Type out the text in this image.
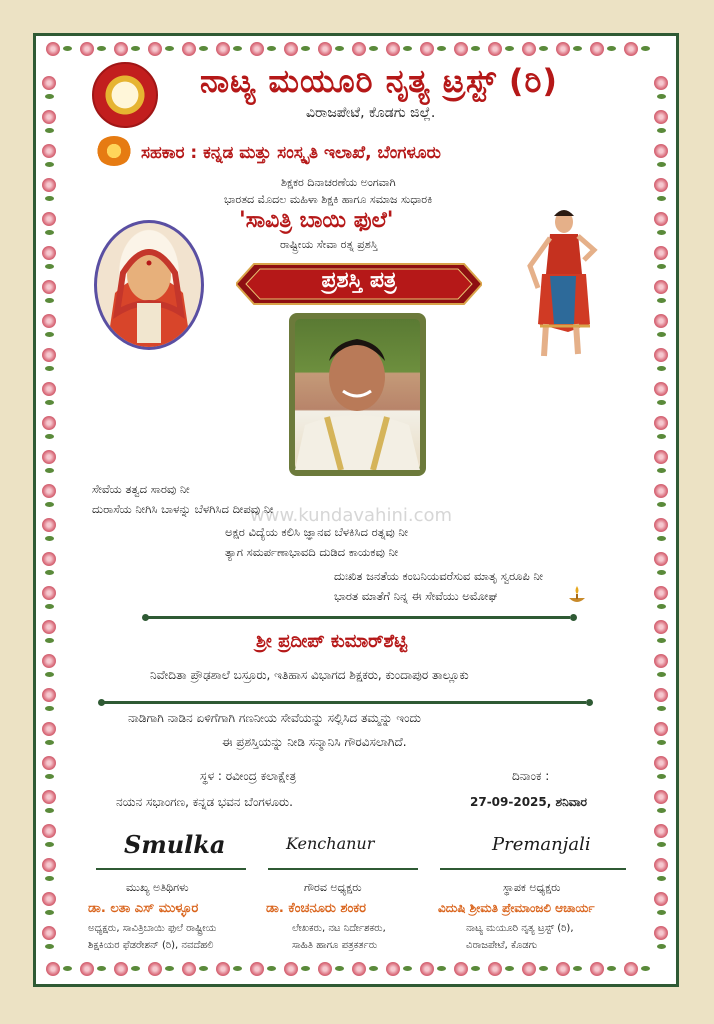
ನಾಟ್ಯ ಮಯೂರಿ ನೃತ್ಯ ಟ್ರಸ್ಟ್ (ರಿ)
ವಿರಾಜಪೇಟೆ, ಕೊಡಗು ಜಿಲ್ಲೆ.
ಸಹಕಾರ : ಕನ್ನಡ ಮತ್ತು ಸಂಸ್ಕೃತಿ ಇಲಾಖೆ, ಬೆಂಗಳೂರು
ಶಿಕ್ಷಕರ ದಿನಾಚರಣೆಯ ಅಂಗವಾಗಿ
ಭಾರತದ ಮೊದಲ ಮಹಿಳಾ ಶಿಕ್ಷಕಿ ಹಾಗೂ ಸಮಾಜ ಸುಧಾರಕಿ
'ಸಾವಿತ್ರಿ ಬಾಯಿ ಫುಲೆ'
ರಾಷ್ಟ್ರೀಯ ಸೇವಾ ರತ್ನ ಪ್ರಶಸ್ತಿ
ಪ್ರಶಸ್ತಿ ಪತ್ರ
www.kundavahini.com
ಸೇವೆಯ ತತ್ವದ ಸಾರವು ನೀ
ದುರಾಸೆಯ ನೀಗಿಸಿ ಬಾಳನ್ನು ಬೆಳಗಿಸಿದ ದೀಪವು ನೀ
ಅಕ್ಷರ ವಿದ್ಯೆಯ ಕಲಿಸಿ ಜ್ಞಾನವ ಬೆಳಕಿಸಿದ ರತ್ನವು ನೀ
ತ್ಯಾಗ ಸಮರ್ಪಣಾಭಾವದಿ ದುಡಿದ ಕಾಯಕವು ನೀ
ದುಃಖಿತ ಜನತೆಯ ಕಂಬನಿಯವರೆಸುವ ಮಾತೃ ಸ್ವರೂಪಿ ನೀ
ಭಾರತ ಮಾತೆಗೆ ನಿನ್ನ ಈ ಸೇವೆಯು ಅಮೋಘ
ಶ್ರೀ ಪ್ರದೀಪ್ ಕುಮಾರ್‌ಶೆಟ್ಟಿ
ನಿವೇದಿತಾ ಪ್ರೌಢಶಾಲೆ ಬಸ್ರೂರು, ಇತಿಹಾಸ ವಿಭಾಗದ ಶಿಕ್ಷಕರು, ಕುಂದಾಪುರ ತಾಲ್ಲೂಕು
ನಾಡಿಗಾಗಿ ನಾಡಿನ ಏಳಿಗೆಗಾಗಿ ಗಣನೀಯ ಸೇವೆಯನ್ನು ಸಲ್ಲಿಸಿದ ತಮ್ಮನ್ನು ಇಂದು
ಈ ಪ್ರಶಸ್ತಿಯನ್ನು ನೀಡಿ ಸನ್ಮಾನಿಸಿ ಗೌರವಿಸಲಾಗಿದೆ.
ಸ್ಥಳ : ರವೀಂದ್ರ ಕಲಾಕ್ಷೇತ್ರ
ನಯನ ಸಭಾಂಗಣ, ಕನ್ನಡ ಭವನ ಬೆಂಗಳೂರು.
ದಿನಾಂಕ :
27-09-2025, ಶನಿವಾರ
Smulka	Kenchanur	Premanjali
ಮುಖ್ಯ ಅತಿಥಿಗಳು
ಡಾ. ಲತಾ ಎಸ್ ಮುಳ್ಳೂರ
ಅಧ್ಯಕ್ಷರು, ಸಾವಿತ್ರಿಬಾಯಿ ಫುಲೆ ರಾಷ್ಟ್ರೀಯ
ಶಿಕ್ಷಕಿಯರ ಫೆಡರೇಶನ್ (ರಿ), ನವದೆಹಲಿ
ಗೌರವ ಅಧ್ಯಕ್ಷರು
ಡಾ. ಕೆಂಚನೂರು ಶಂಕರ
ಲೇಖಕರು, ನಟ ನಿರ್ದೇಶಕರು,
ಸಾಹಿತಿ ಹಾಗೂ ಪತ್ರಕರ್ತರು
ಸ್ಥಾಪಕ ಅಧ್ಯಕ್ಷರು
ವಿದುಷಿ ಶ್ರೀಮತಿ ಪ್ರೇಮಾಂಜಲಿ ಆಚಾರ್ಯ
ನಾಟ್ಯ ಮಯೂರಿ ನೃತ್ಯ ಟ್ರಸ್ಟ್ (ರಿ),
ವಿರಾಜಪೇಟೆ, ಕೊಡಗು
